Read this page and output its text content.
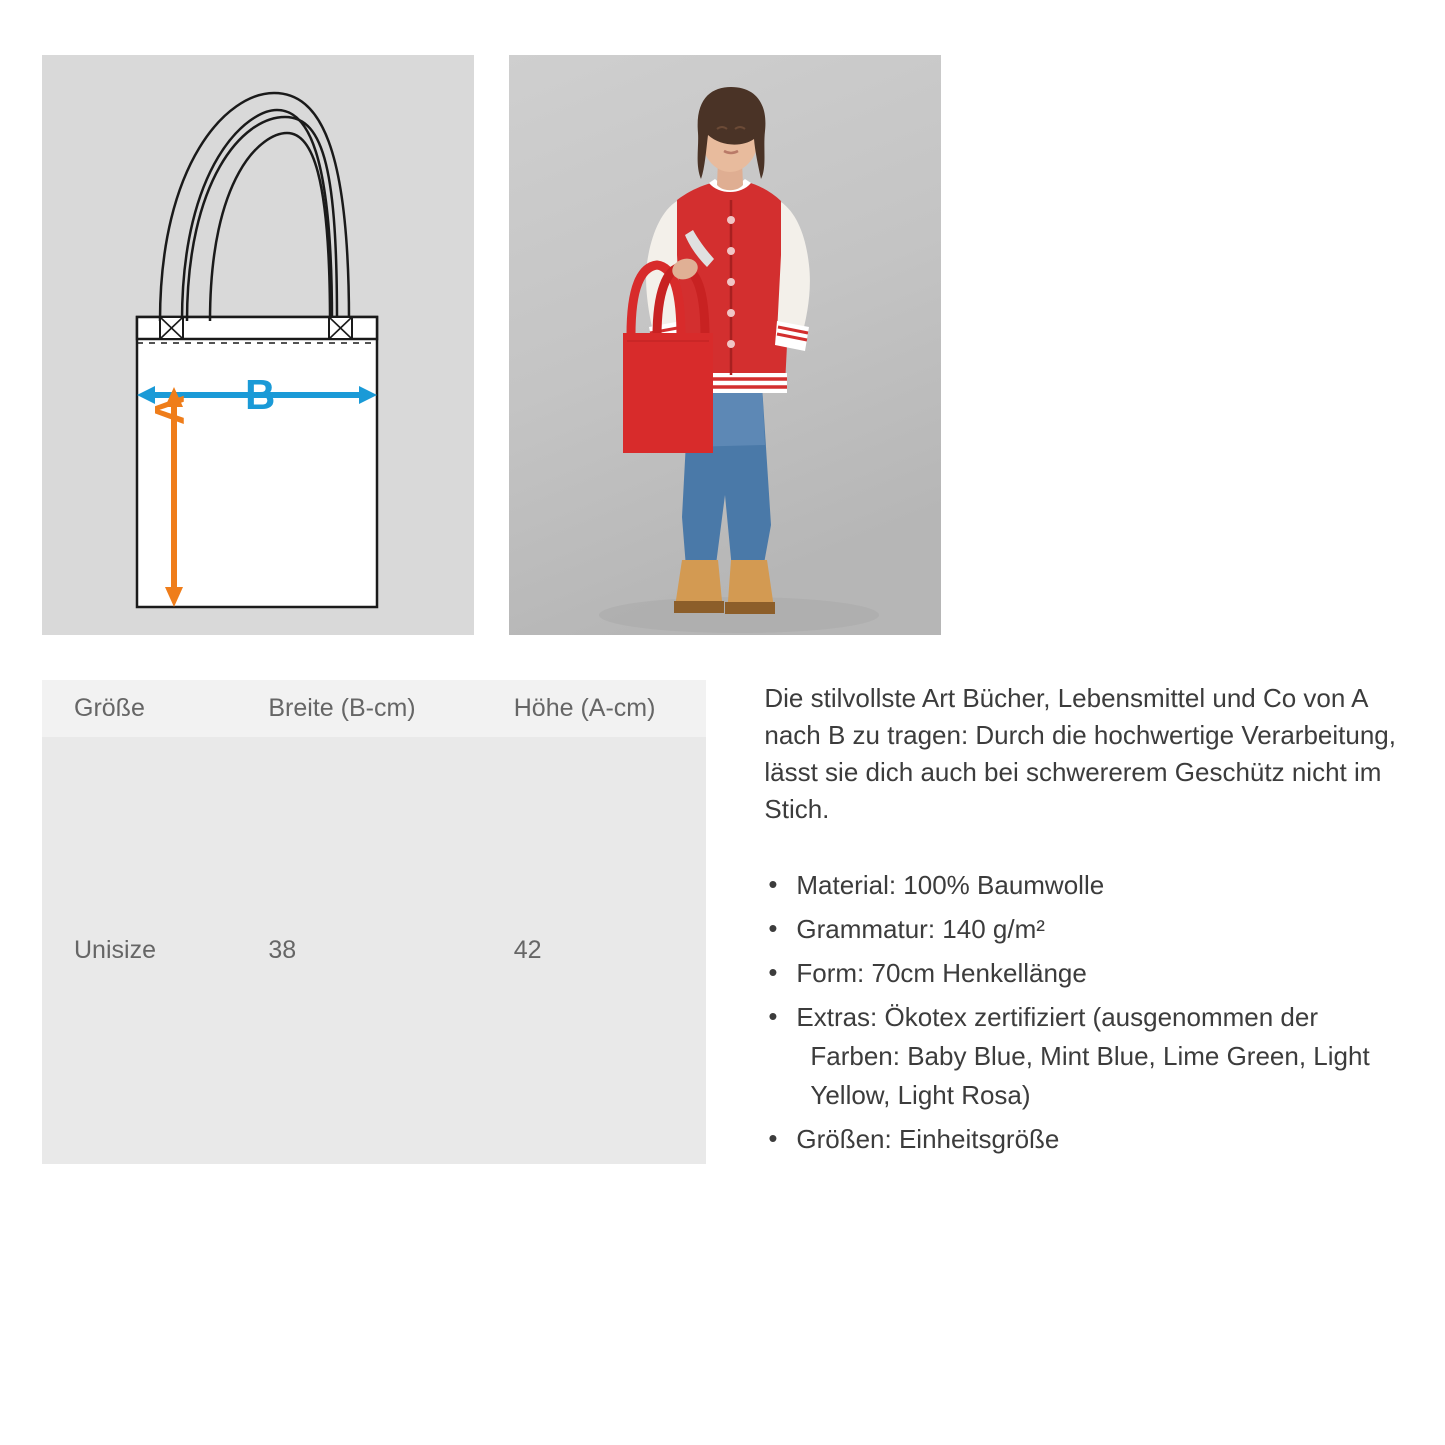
B
A
Größe	Breite (B-cm)	Höhe (A-cm)
Unisize	38	42

Die stilvollste Art Bücher, Lebensmittel und Co von A nach B zu tragen: Durch die hochwertige Verarbeitung, lässt sie dich auch bei schwererem Geschütz nicht im Stich.

• Material: 100% Baumwolle
• Grammatur: 140 g/m²
• Form: 70cm Henkellänge
• Extras: Ökotex zertifiziert (ausgenommen der
Farben: Baby Blue, Mint Blue, Lime Green, Light Yellow, Light Rosa)
• Größen: Einheitsgröße
